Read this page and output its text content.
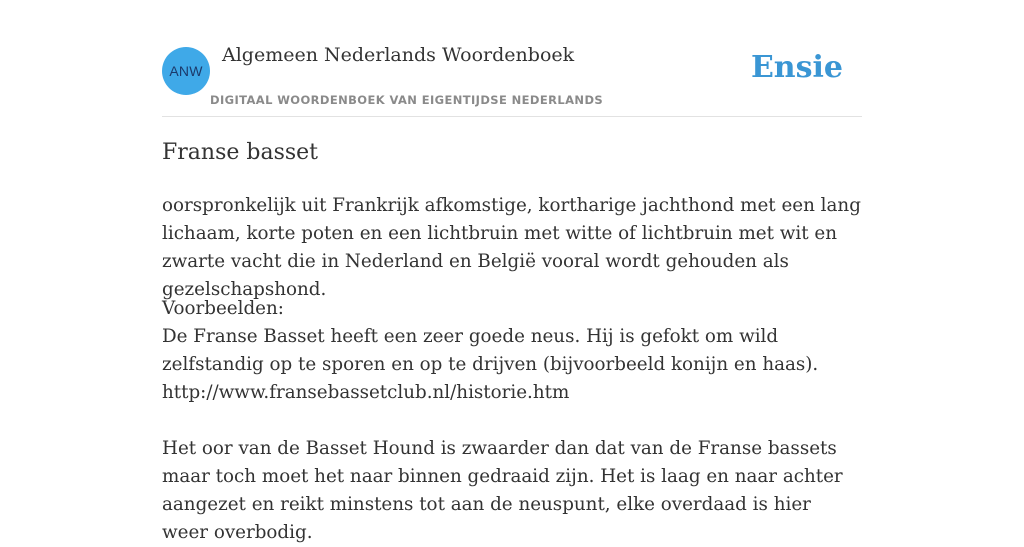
ANW
Algemeen Nederlands Woordenboek
DIGITAAL WOORDENBOEK VAN EIGENTIJDSE NEDERLANDS
Ensie
Franse basset

oorspronkelijk uit Frankrijk afkomstige, kortharige jachthond met een lang lichaam, korte poten en een lichtbruin met witte of lichtbruin met wit en zwarte vacht die in Nederland en België vooral wordt gehouden als gezelschapshond.

Voorbeelden:

De Franse Basset heeft een zeer goede neus. Hij is gefokt om wild zelfstandig op te sporen en op te drijven (bijvoorbeeld konijn en haas).

http://www.fransebassetclub.nl/historie.htm

Het oor van de Basset Hound is zwaarder dan dat van de Franse bassets maar toch moet het naar binnen gedraaid zijn. Het is laag en naar achter aangezet en reikt minstens tot aan de neuspunt, elke overdaad is hier weer overbodig.
